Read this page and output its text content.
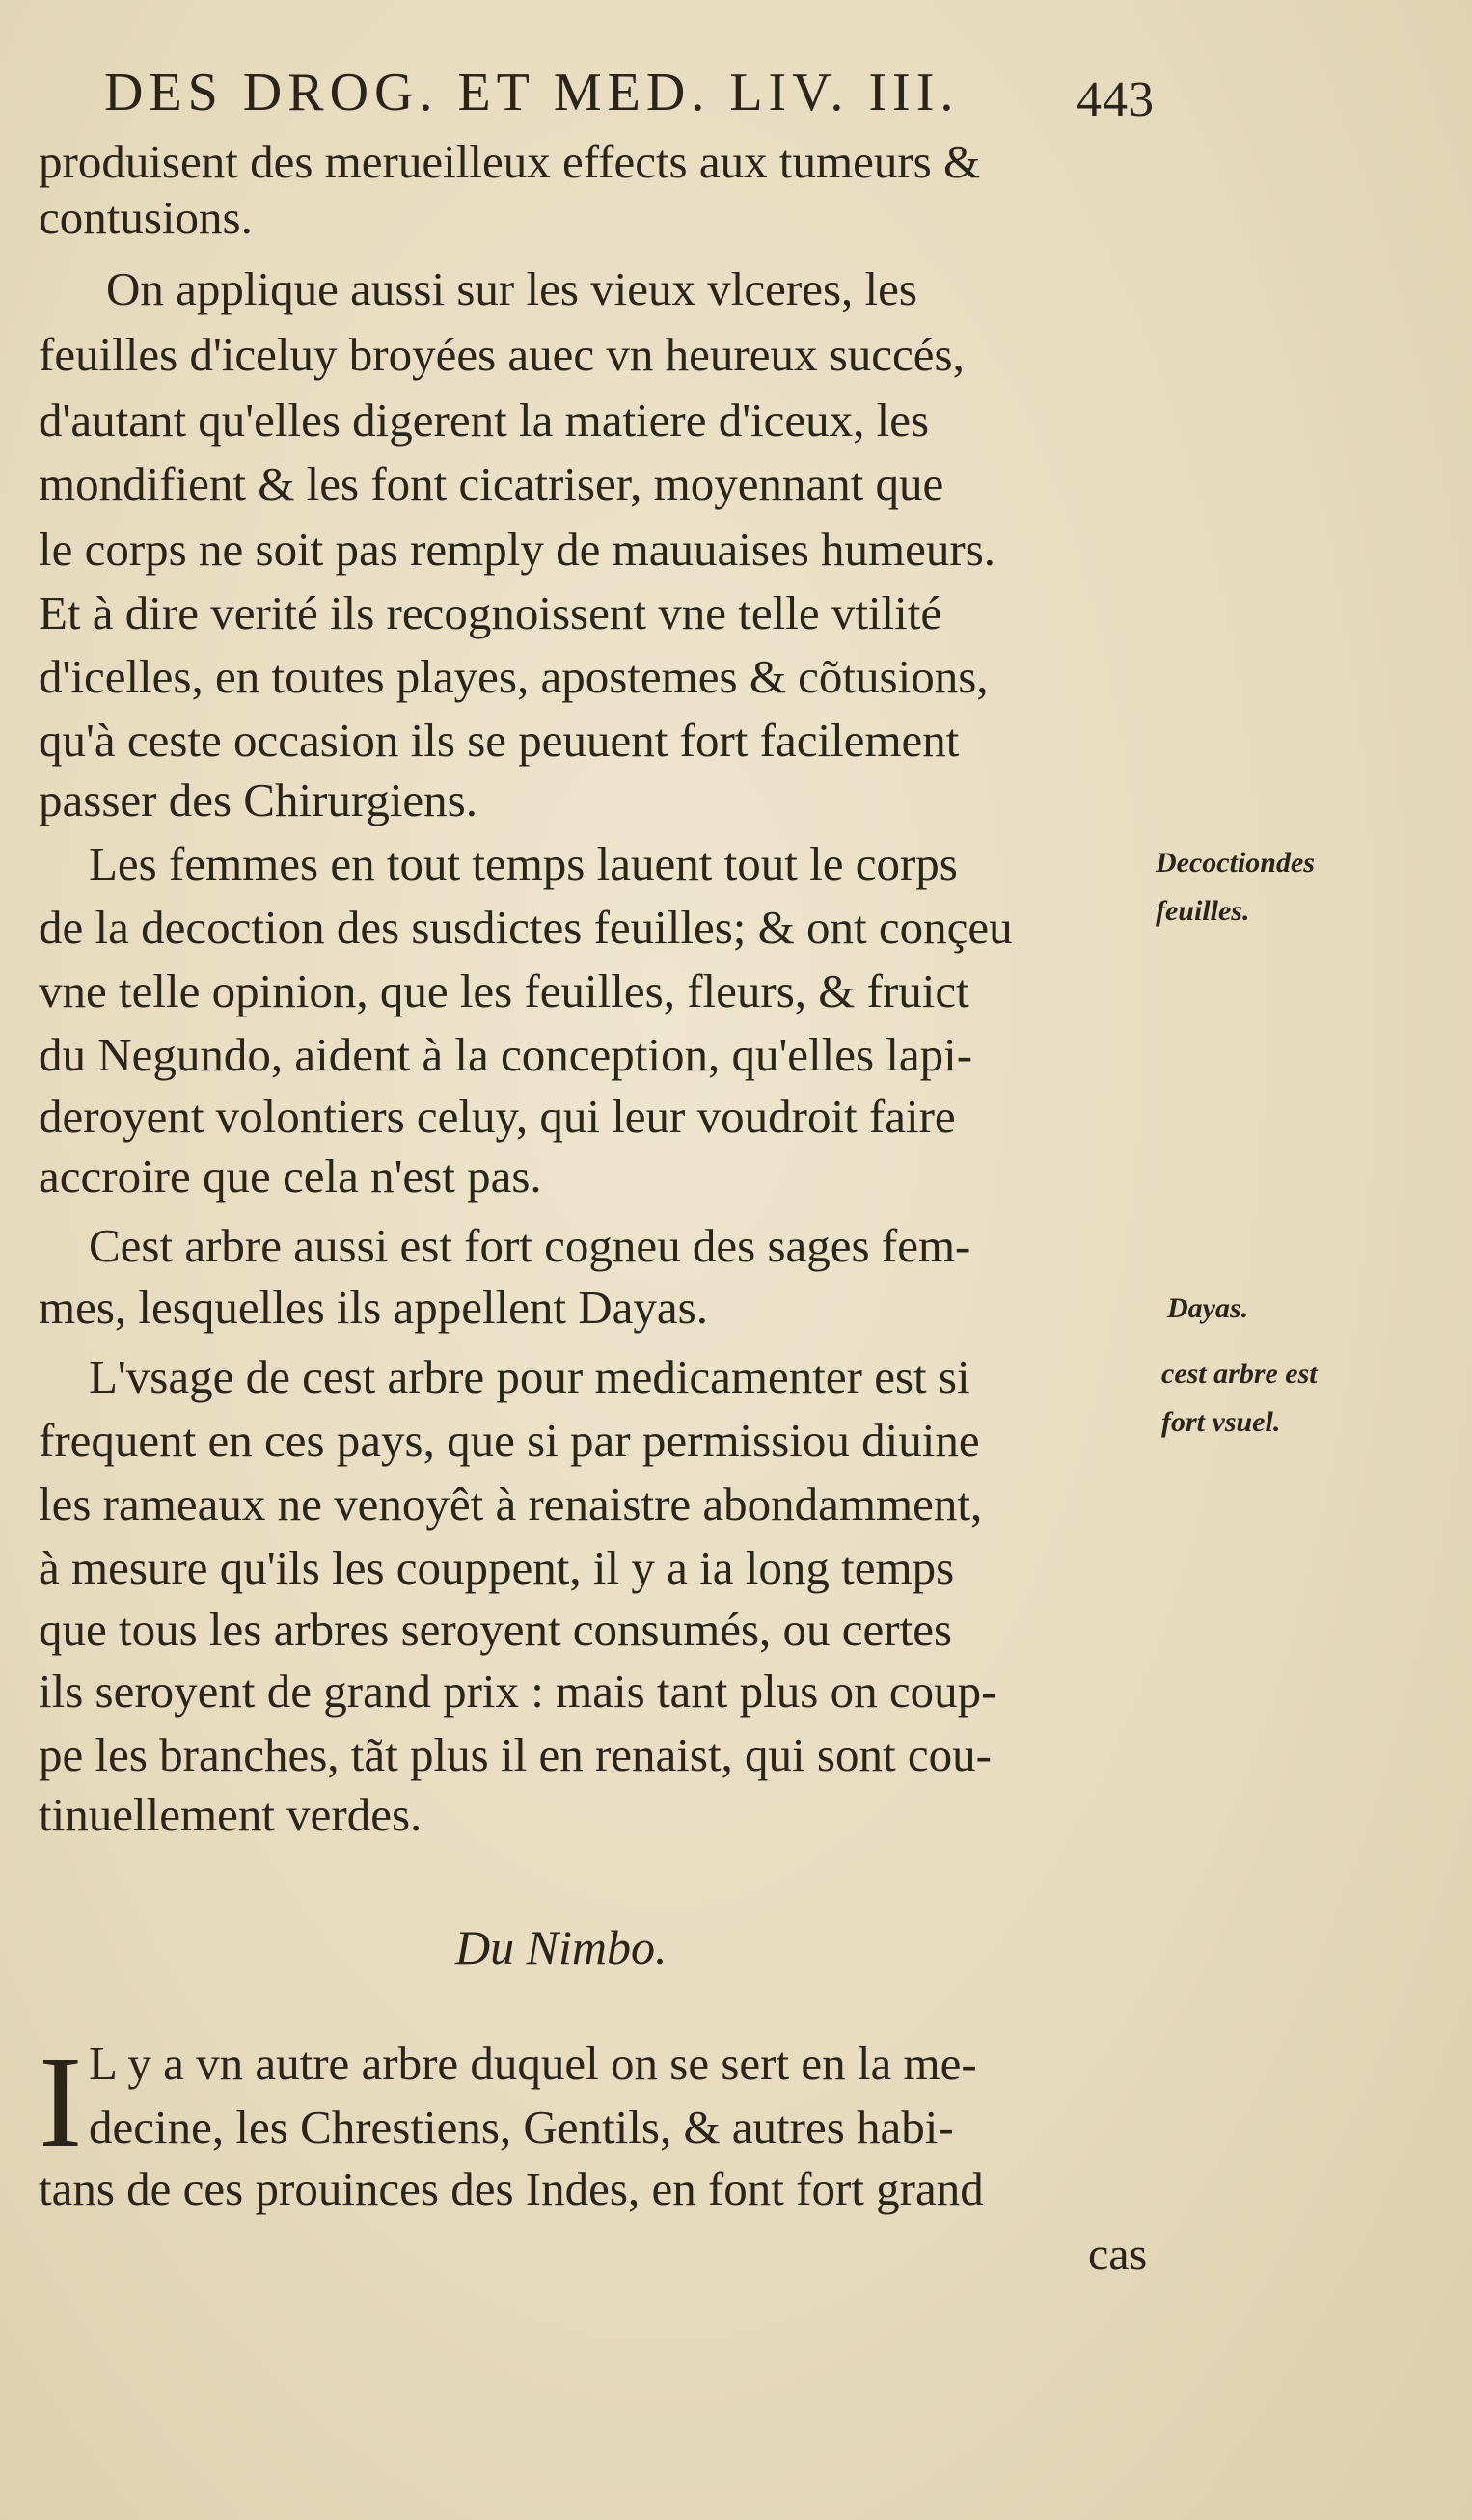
DES DROG. ET MED. LIV. III. 443
produisent des merueilleux effects aux tumeurs &
contusions.
On applique aussi sur les vieux vlceres, les
feuilles d'iceluy broyées auec vn heureux succés,
d'autant qu'elles digerent la matiere d'iceux, les
mondifient & les font cicatriser, moyennant que
le corps ne soit pas remply de mauuaises humeurs.
Et à dire verité ils recognoissent vne telle vtilité
d'icelles, en toutes playes, apostemes & cõtusions,
qu'à ceste occasion ils se peuuent fort facilement
passer des Chirurgiens.
Les femmes en tout temps lauent tout le corps
de la decoction des susdictes feuilles; & ont conçeu
vne telle opinion, que les feuilles, fleurs, & fruict
du Negundo, aident à la conception, qu'elles lapi-
deroyent volontiers celuy, qui leur voudroit faire
accroire que cela n'est pas.
Cest arbre aussi est fort cogneu des sages fem-
mes, lesquelles ils appellent Dayas.
L'vsage de cest arbre pour medicamenter est si
frequent en ces pays, que si par permissiou diuine
les rameaux ne venoyêt à renaistre abondamment,
à mesure qu'ils les couppent, il y a ia long temps
que tous les arbres seroyent consumés, ou certes
ils seroyent de grand prix : mais tant plus on coup-
pe les branches, tãt plus il en renaist, qui sont cou-
tinuellement verdes.
Decoctiondes
feuilles.
Dayas.
cest arbre est
fort vsuel.
Du Nimbo.
I L y a vn autre arbre duquel on se sert en la me-
decine, les Chrestiens, Gentils, & autres habi-
tans de ces prouinces des Indes, en font fort grand
cas
